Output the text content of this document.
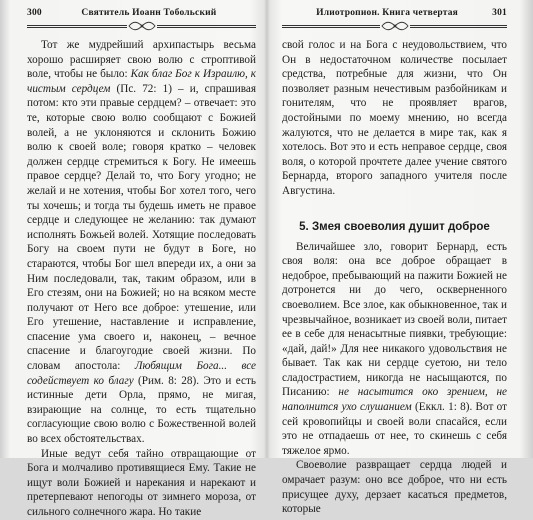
300	Святитель Иоанн Тобольский

Тот же мудрейший архипастырь весьма хорошо расширяет свою волю с строптивой воле, чтобы не было: Как благ Бог к Израилю, к чистым сердцем (Пс. 72: 1) – и, спрашивая потом: кто эти правые сердцем? – отвечает: это те, которые свою волю сообщают с Божией волей, а не уклоняются и склонить Божию волю к своей воле; говоря кратко – человек должен сердце стремиться к Богу. Не имеешь правое сердце? Делай то, что Богу угодно; не желай и не хотения, чтобы Бог хотел того, чего ты хочешь; и тогда ты будешь иметь не правое сердце и следующее не желанию: так думают исполнять Божьей волей. Хотящие последовать Богу на своем пути не будут в Боге, но стараются, чтобы Бог шел впереди их, а они за Ним последовали, так, таким образом, или в Его стезям, они на Божией; но на всяком месте получают от Него все доброе: утешение, или Его утешение, наставление и исправление, спасение ума своего и, наконец, – вечное спасение и благоугодие своей жизни. По словам апостола: Любящим Бога... все содействует ко благу (Рим. 8: 28). Это и есть истинные дети Орла, прямо, не мигая, взирающие на солнце, то есть тщательно согласующие свою волю с Божественной волей во всех обстоятельствах.

Иные ведут себя тайно отвращающие от Бога и молчаливо противящиеся Ему. Такие не ищут воли Божией и нарекания и нарекают и претерпевают непогоды от зимнего мороза, от сильного солнечного жара. Но такие

Илиотропион. Книга четвертая	301

свой голос и на Бога с неудовольствием, что Он в недостаточном количестве посылает средства, потребные для жизни, что Он позволяет разным нечестивым разбойникам и гонителям, что не проявляет врагов, достойными по моему мнению, но всегда жалуются, что не делается в мире так, как я хотелось. Вот это и есть неправое сердце, своя воля, о которой прочтете далее учение святого Бернарда, второго западного учителя после Августина.

5. Змея своеволия душит доброе

Величайшее зло, говорит Бернард, есть своя воля: она все доброе обращает в недоброе, пребывающий на пажити Божией не дотронется ни до чего, оскверненного своеволием. Все злое, как обыкновенное, так и чрезвычайное, возникает из своей воли, питает ее в себе для ненасытные пиявки, требующие: «дай, дай!» Для нее никакого удовольствия не бывает. Так как ни сердце суетою, ни тело сладострастием, никогда не насыщаются, по Писанию: не насытится око зрением, не наполнится ухо слушанием (Еккл. 1: 8). Вот от сей кровопийцы и своей воли спасайся, если это не отпадаешь от нее, то скинешь с себя тяжелое ярмо.

Своеволие развращает сердца людей и омрачает разум: оно все доброе, что ни есть присущее духу, дерзает касаться предметов, которые
